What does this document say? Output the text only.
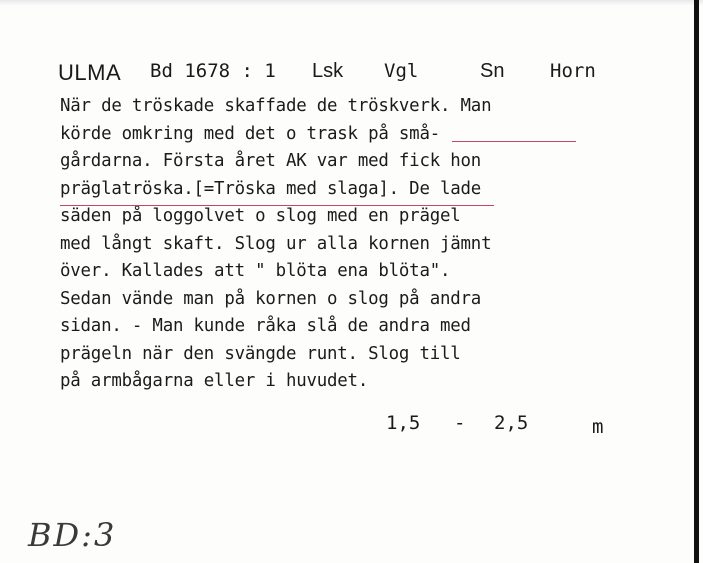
ULMA Bd 1678 : 1 Lsk Vgl	Sn Horn
När de tröskade skaffade de tröskverk. Man
körde omkring med det o trask på små-
gårdarna. Första året AK var med fick hon
präglatröska.[=Tröska med slaga]. De lade
säden på loggolvet o slog med en prägel
med långt skaft. Slog ur alla kornen jämnt
över. Kallades att " blöta ena blöta".
Sedan vände man på kornen o slog på andra
sidan. - Man kunde råka slå de andra med
prägeln när den svängde runt. Slog till
på armbågarna eller i huvudet.
1,5 - 2,5	m
BD:3
